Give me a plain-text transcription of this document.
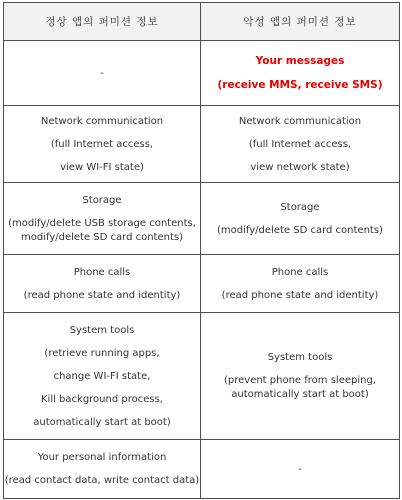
정상 앱의 퍼미션 정보	악성 앱의 퍼미션 정보
-	Your messages
(receive MMS, receive SMS)

Network communication
(full Internet access,
view WI-FI state)	Network communication
(full Internet access,
view network state)

Storage
(modify/delete USB storage contents,
modify/delete SD card contents)	Storage
(modify/delete SD card contents)

Phone calls
(read phone state and identity)	Phone calls
(read phone state and identity)

System tools
(retrieve running apps,
change WI-FI state,
Kill background process,
automatically start at boot)	System tools
(prevent phone from sleeping,
automatically start at boot)

Your personal information
(read contact data, write contact data)	-
